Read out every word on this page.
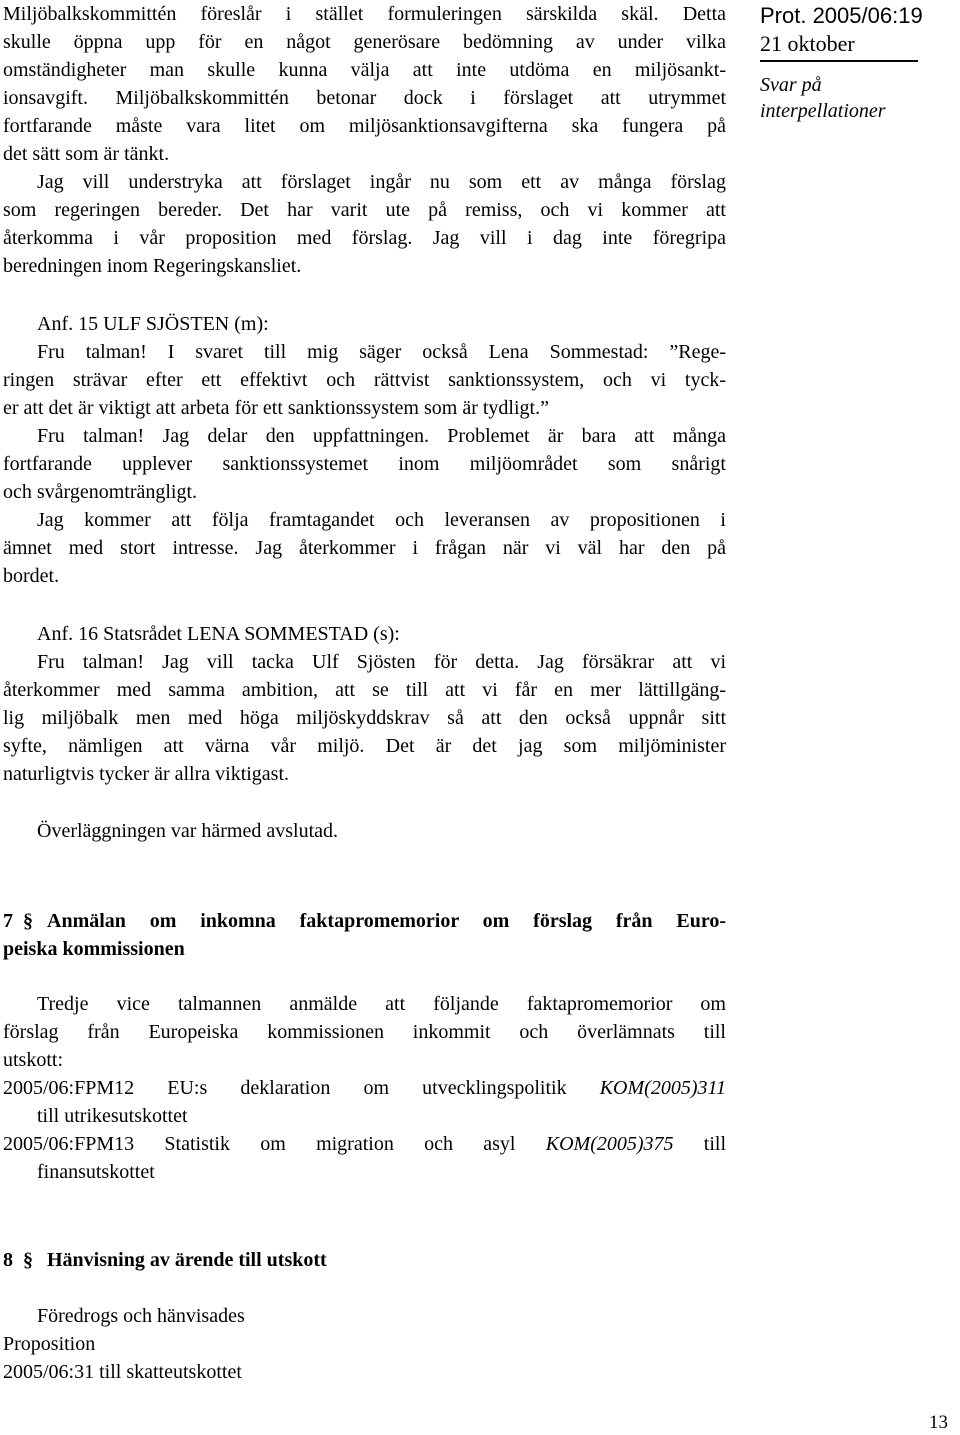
Prot. 2005/06:19
21 oktober
Svar på
interpellationer
Miljöbalkskommittén föreslår i stället formuleringen särskilda skäl. Detta
skulle öppna upp för en något generösare bedömning av under vilka
omständigheter man skulle kunna välja att inte utdöma en miljösankt-
ionsavgift. Miljöbalkskommittén betonar dock i förslaget att utrymmet
fortfarande måste vara litet om miljösanktionsavgifterna ska fungera på
det sätt som är tänkt.
Jag vill understryka att förslaget ingår nu som ett av många förslag
som regeringen bereder. Det har varit ute på remiss, och vi kommer att
återkomma i vår proposition med förslag. Jag vill i dag inte föregripa
beredningen inom Regeringskansliet.
Anf. 15 ULF SJÖSTEN (m):
Fru talman! I svaret till mig säger också Lena Sommestad: ”Rege-
ringen strävar efter ett effektivt och rättvist sanktionssystem, och vi tyck-
er att det är viktigt att arbeta för ett sanktionssystem som är tydligt.”
Fru talman! Jag delar den uppfattningen. Problemet är bara att många
fortfarande upplever sanktionssystemet inom miljöområdet som snårigt
och svårgenomträngligt.
Jag kommer att följa framtagandet och leveransen av propositionen i
ämnet med stort intresse. Jag återkommer i frågan när vi väl har den på
bordet.
Anf. 16 Statsrådet LENA SOMMESTAD (s):
Fru talman! Jag vill tacka Ulf Sjösten för detta. Jag försäkrar att vi
återkommer med samma ambition, att se till att vi får en mer lättillgäng-
lig miljöbalk men med höga miljöskyddskrav så att den också uppnår sitt
syfte, nämligen att värna vår miljö. Det är det jag som miljöminister
naturligtvis tycker är allra viktigast.
Överläggningen var härmed avslutad.
7 § Anmälan om inkomna faktapromemorior om förslag från Euro-
peiska kommissionen
Tredje vice talmannen anmälde att följande faktapromemorior om
förslag från Europeiska kommissionen inkommit och överlämnats till
utskott:
2005/06:FPM12 EU:s deklaration om utvecklingspolitik KOM(2005)311
till utrikesutskottet
2005/06:FPM13 Statistik om migration och asyl KOM(2005)375 till
finansutskottet
8 § Hänvisning av ärende till utskott
Föredrogs och hänvisades
Proposition
2005/06:31 till skatteutskottet
13
